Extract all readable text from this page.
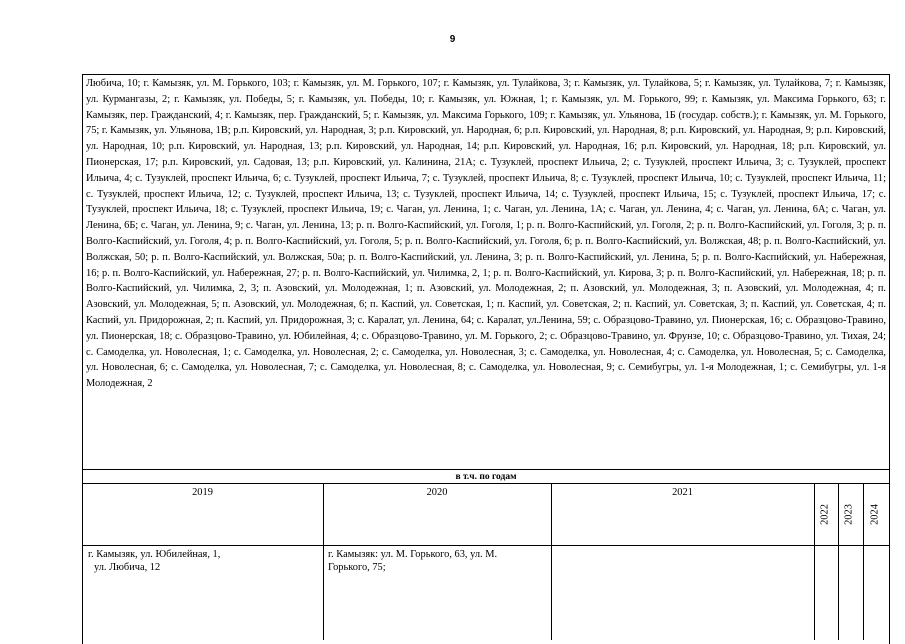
9
Любича, 10; г. Камызяк, ул. М. Горького, 103; г. Камызяк, ул. М. Горького, 107; г. Камызяк, ул. Тулайкова, 3; г. Камызяк, ул. Тулайкова, 5; г. Камызяк, ул. Тулайкова, 7; г. Камызяк, ул. Курмангазы, 2; г. Камызяк, ул. Победы, 5; г. Камызяк, ул. Победы, 10; г. Камызяк, ул. Южная, 1; г. Камызяк, ул. М. Горького, 99; г. Камызяк, ул. Максима Горького, 63; г. Камызяк, пер. Гражданский, 4; г. Камызяк, пер. Гражданский, 5; г. Камызяк, ул. Максима Горького, 109; г. Камызяк, ул. Ульянова, 1Б (государ. собств.); г. Камызяк, ул. М. Горького, 75; г. Камызяк, ул. Ульянова, 1В; р.п. Кировский, ул. Народная, 3; р.п. Кировский, ул. Народная, 6; р.п. Кировский, ул. Народная, 8; р.п. Кировский, ул. Народная, 9; р.п. Кировский, ул. Народная, 10; р.п. Кировский, ул. Народная, 13; р.п. Кировский, ул. Народная, 14; р.п. Кировский, ул. Народная, 16; р.п. Кировский, ул. Народная, 18; р.п. Кировский, ул. Пионерская, 17; р.п. Кировский, ул. Садовая, 13; р.п. Кировский, ул. Калинина, 21А; с. Тузуклей, проспект Ильича, 2; с. Тузуклей, проспект Ильича, 3; с. Тузуклей, проспект Ильича, 4; с. Тузуклей, проспект Ильича, 6; с. Тузуклей, проспект Ильича, 7; с. Тузуклей, проспект Ильича, 8; с. Тузуклей, проспект Ильича, 10; с. Тузуклей, проспект Ильича, 11; с. Тузуклей, проспект Ильича, 12; с. Тузуклей, проспект Ильича, 13; с. Тузуклей, проспект Ильича, 14; с. Тузуклей, проспект Ильича, 15; с. Тузуклей, проспект Ильича, 17; с. Тузуклей, проспект Ильича, 18; с. Тузуклей, проспект Ильича, 19; с. Чаган, ул. Ленина, 1; с. Чаган, ул. Ленина, 1А; с. Чаган, ул. Ленина, 4; с. Чаган, ул. Ленина, 6А; с. Чаган, ул. Ленина, 6Б; с. Чаган, ул. Ленина, 9; с. Чаган, ул. Ленина, 13; р. п. Волго-Каспийский, ул. Гоголя, 1; р. п. Волго-Каспийский, ул. Гоголя, 2; р. п. Волго-Каспийский, ул. Гоголя, 3; р. п. Волго-Каспийский, ул. Гоголя, 4; р. п. Волго-Каспийский, ул. Гоголя, 5; р. п. Волго-Каспийский, ул. Гоголя, 6; р. п. Волго-Каспийский, ул. Волжская, 48; р. п. Волго-Каспийский, ул. Волжская, 50; р. п. Волго-Каспийский, ул. Волжская, 50а; р. п. Волго-Каспийский, ул. Ленина, 3; р. п. Волго-Каспийский, ул. Ленина, 5; р. п. Волго-Каспийский, ул. Набережная, 16; р. п. Волго-Каспийский, ул. Набережная, 27; р. п. Волго-Каспийский, ул. Чилимка, 2, 1; р. п. Волго-Каспийский, ул. Кирова, 3; р. п. Волго-Каспийский, ул. Набережная, 18; р. п. Волго-Каспийский, ул. Чилимка, 2, 3; п. Азовский, ул. Молодежная, 1; п. Азовский, ул. Молодежная, 2; п. Азовский, ул. Молодежная, 3; п. Азовский, ул. Молодежная, 4; п. Азовский, ул. Молодежная, 5; п. Азовский, ул. Молодежная, 6; п. Каспий, ул. Советская, 1; п. Каспий, ул. Советская, 2; п. Каспий, ул. Советская, 3; п. Каспий, ул. Советская, 4; п. Каспий, ул. Придорожная, 2; п. Каспий, ул. Придорожная, 3; с. Каралат, ул. Ленина, 64; с. Каралат, ул.Ленина, 59; с. Образцово-Травино, ул. Пионерская, 16; с. Образцово-Травино, ул. Пионерская, 18; с. Образцово-Травино, ул. Юбилейная, 4; с. Образцово-Травино, ул. М. Горького, 2; с. Образцово-Травино, ул. Фрунзе, 10; с. Образцово-Травино, ул. Тихая, 24; с. Самоделка, ул. Новолесная, 1; с. Самоделка, ул. Новолесная, 2; с. Самоделка, ул. Новолесная, 3; с. Самоделка, ул. Новолесная, 4; с. Самоделка, ул. Новолесная, 5; с. Самоделка, ул. Новолесная, 6; с. Самоделка, ул. Новолесная, 7; с. Самоделка, ул. Новолесная, 8; с. Самоделка, ул. Новолесная, 9; с. Семибугры, ул. 1-я Молодежная, 1; с. Семибугры, ул. 1-я Молодежная, 2
в т.ч. по годам
2019	2020	2021
2022 2023 2024
г. Камызяк, ул. Юбилейная, 1,
ул. Любича, 12
г. Камызяк: ул. М. Горького, 63, ул. М.
Горького, 75;
